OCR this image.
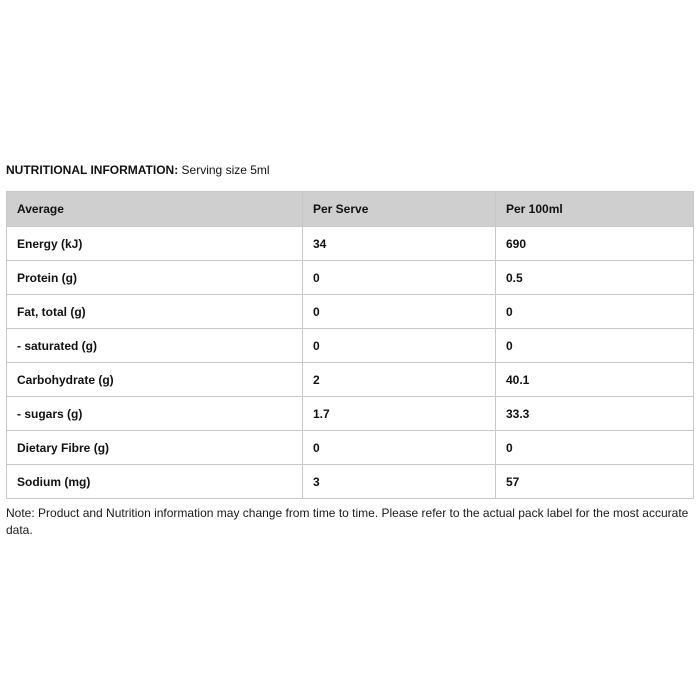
NUTRITIONAL INFORMATION: Serving size 5ml
Average	Per Serve	Per 100ml
Energy (kJ)	34	690
Protein (g)	0	0.5
Fat, total (g)	0	0
- saturated (g)	0	0
Carbohydrate (g)	2	40.1
- sugars (g)	1.7	33.3
Dietary Fibre (g)	0	0
Sodium (mg)	3	57
Note: Product and Nutrition information may change from time to time. Please refer to the actual pack label for the most accurate data.
